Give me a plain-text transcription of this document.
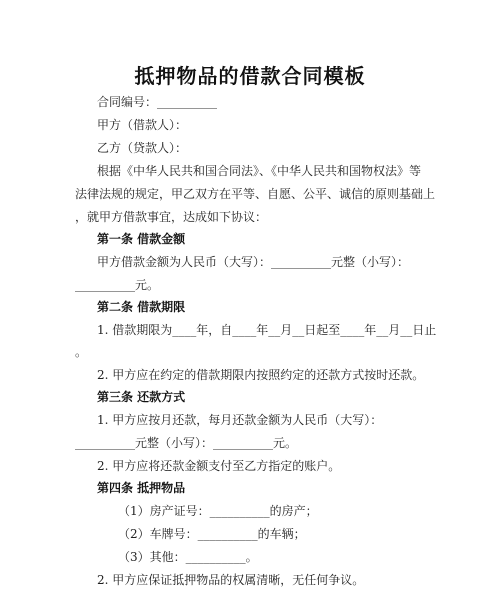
抵押物品的借款合同模板
合同编号：__________
甲方（借款人）：
乙方（贷款人）：
根据《中华人民共和国合同法》、《中华人民共和国物权法》等
法律法规的规定，甲乙双方在平等、自愿、公平、诚信的原则基础上
，就甲方借款事宜，达成如下协议：
第一条 借款金额
甲方借款金额为人民币（大写）：__________元整（小写）：
__________元。
第二条 借款期限
1. 借款期限为____年，自____年__月__日起至____年__月__日止
。
2. 甲方应在约定的借款期限内按照约定的还款方式按时还款。
第三条 还款方式
1. 甲方应按月还款，每月还款金额为人民币（大写）：
__________元整（小写）：__________元。
2. 甲方应将还款金额支付至乙方指定的账户。
第四条 抵押物品
（1）房产证号：__________的房产；
（2）车牌号：__________的车辆；
（3）其他：__________。
2. 甲方应保证抵押物品的权属清晰，无任何争议。
